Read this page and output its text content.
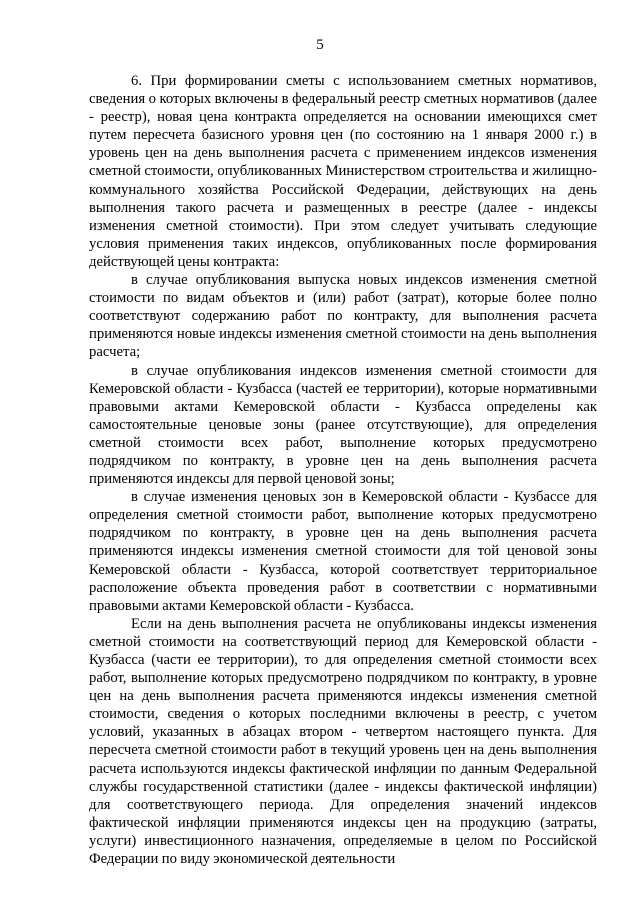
5

6. При формировании сметы с использованием сметных нормативов, сведения о которых включены в федеральный реестр сметных нормативов (далее - реестр), новая цена контракта определяется на основании имеющихся смет путем пересчета базисного уровня цен (по состоянию на 1 января 2000 г.) в уровень цен на день выполнения расчета с применением индексов изменения сметной стоимости, опубликованных Министерством строительства и жилищно-коммунального хозяйства Российской Федерации, действующих на день выполнения такого расчета и размещенных в реестре (далее - индексы изменения сметной стоимости). При этом следует учитывать следующие условия применения таких индексов, опубликованных после формирования действующей цены контракта:

в случае опубликования выпуска новых индексов изменения сметной стоимости по видам объектов и (или) работ (затрат), которые более полно соответствуют содержанию работ по контракту, для выполнения расчета применяются новые индексы изменения сметной стоимости на день выполнения расчета;

в случае опубликования индексов изменения сметной стоимости для Кемеровской области - Кузбасса (частей ее территории), которые нормативными правовыми актами Кемеровской области - Кузбасса определены как самостоятельные ценовые зоны (ранее отсутствующие), для определения сметной стоимости всех работ, выполнение которых предусмотрено подрядчиком по контракту, в уровне цен на день выполнения расчета применяются индексы для первой ценовой зоны;

в случае изменения ценовых зон в Кемеровской области - Кузбассе для определения сметной стоимости работ, выполнение которых предусмотрено подрядчиком по контракту, в уровне цен на день выполнения расчета применяются индексы изменения сметной стоимости для той ценовой зоны Кемеровской области - Кузбасса, которой соответствует территориальное расположение объекта проведения работ в соответствии с нормативными правовыми актами Кемеровской области - Кузбасса.

Если на день выполнения расчета не опубликованы индексы изменения сметной стоимости на соответствующий период для Кемеровской области - Кузбасса (части ее территории), то для определения сметной стоимости всех работ, выполнение которых предусмотрено подрядчиком по контракту, в уровне цен на день выполнения расчета применяются индексы изменения сметной стоимости, сведения о которых последними включены в реестр, с учетом условий, указанных в абзацах втором - четвертом настоящего пункта. Для пересчета сметной стоимости работ в текущий уровень цен на день выполнения расчета используются индексы фактической инфляции по данным Федеральной службы государственной статистики (далее - индексы фактической инфляции) для соответствующего периода. Для определения значений индексов фактической инфляции применяются индексы цен на продукцию (затраты, услуги) инвестиционного назначения, определяемые в целом по Российской Федерации по виду экономической деятельности
